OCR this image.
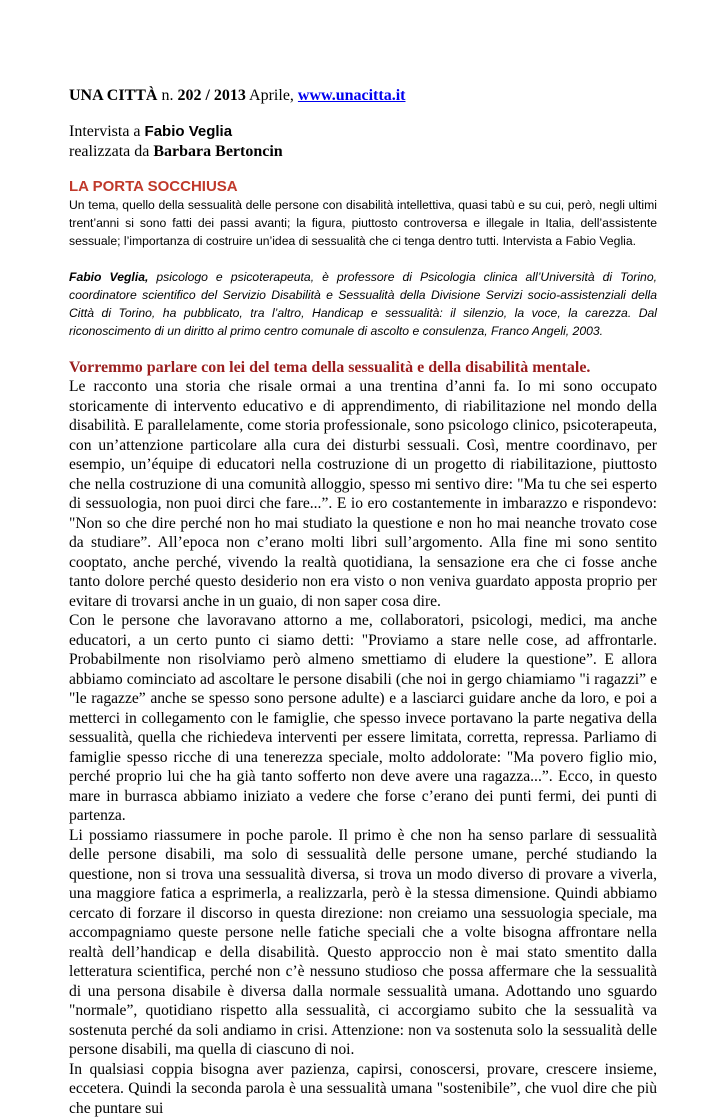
UNA CITTÀ n. 202 / 2013 Aprile, www.unacitta.it
Intervista a Fabio Veglia
realizzata da Barbara Bertoncin
LA PORTA SOCCHIUSA

Un tema, quello della sessualità delle persone con disabilità intellettiva, quasi tabù e su cui, però, negli ultimi trent’anni si sono fatti dei passi avanti; la figura, piuttosto controversa e illegale in Italia, dell’assistente sessuale; l’importanza di costruire un’idea di sessualità che ci tenga dentro tutti. Intervista a Fabio Veglia.

Fabio Veglia, psicologo e psicoterapeuta, è professore di Psicologia clinica all’Università di Torino, coordinatore scientifico del Servizio Disabilità e Sessualità della Divisione Servizi socio-assistenziali della Città di Torino, ha pubblicato, tra l’altro, Handicap e sessualità: il silenzio, la voce, la carezza. Dal riconoscimento di un diritto al primo centro comunale di ascolto e consulenza, Franco Angeli, 2003.
Vorremmo parlare con lei del tema della sessualità e della disabilità mentale.

Le racconto una storia che risale ormai a una trentina d’anni fa. Io mi sono occupato storicamente di intervento educativo e di apprendimento, di riabilitazione nel mondo della disabilità. E parallelamente, come storia professionale, sono psicologo clinico, psicoterapeuta, con un’attenzione particolare alla cura dei disturbi sessuali. Così, mentre coordinavo, per esempio, un’équipe di educatori nella costruzione di un progetto di riabilitazione, piuttosto che nella costruzione di una comunità alloggio, spesso mi sentivo dire: "Ma tu che sei esperto di sessuologia, non puoi dirci che fare...”. E io ero costantemente in imbarazzo e rispondevo: "Non so che dire perché non ho mai studiato la questione e non ho mai neanche trovato cose da studiare”. All’epoca non c’erano molti libri sull’argomento. Alla fine mi sono sentito cooptato, anche perché, vivendo la realtà quotidiana, la sensazione era che ci fosse anche tanto dolore perché questo desiderio non era visto o non veniva guardato apposta proprio per evitare di trovarsi anche in un guaio, di non saper cosa dire.

Con le persone che lavoravano attorno a me, collaboratori, psicologi, medici, ma anche educatori, a un certo punto ci siamo detti: "Proviamo a stare nelle cose, ad affrontarle. Probabilmente non risolviamo però almeno smettiamo di eludere la questione”. E allora abbiamo cominciato ad ascoltare le persone disabili (che noi in gergo chiamiamo "i ragazzi” e "le ragazze” anche se spesso sono persone adulte) e a lasciarci guidare anche da loro, e poi a metterci in collegamento con le famiglie, che spesso invece portavano la parte negativa della sessualità, quella che richiedeva interventi per essere limitata, corretta, repressa. Parliamo di famiglie spesso ricche di una tenerezza speciale, molto addolorate: "Ma povero figlio mio, perché proprio lui che ha già tanto sofferto non deve avere una ragazza...”. Ecco, in questo mare in burrasca abbiamo iniziato a vedere che forse c’erano dei punti fermi, dei punti di partenza.

Li possiamo riassumere in poche parole. Il primo è che non ha senso parlare di sessualità delle persone disabili, ma solo di sessualità delle persone umane, perché studiando la questione, non si trova una sessualità diversa, si trova un modo diverso di provare a viverla, una maggiore fatica a esprimerla, a realizzarla, però è la stessa dimensione. Quindi abbiamo cercato di forzare il discorso in questa direzione: non creiamo una sessuologia speciale, ma accompagniamo queste persone nelle fatiche speciali che a volte bisogna affrontare nella realtà dell’handicap e della disabilità. Questo approccio non è mai stato smentito dalla letteratura scientifica, perché non c’è nessuno studioso che possa affermare che la sessualità di una persona disabile è diversa dalla normale sessualità umana. Adottando uno sguardo "normale”, quotidiano rispetto alla sessualità, ci accorgiamo subito che la sessualità va sostenuta perché da soli andiamo in crisi. Attenzione: non va sostenuta solo la sessualità delle persone disabili, ma quella di ciascuno di noi.

In qualsiasi coppia bisogna aver pazienza, capirsi, conoscersi, provare, crescere insieme, eccetera. Quindi la seconda parola è una sessualità umana "sostenibile”, che vuol dire che più che puntare sui
